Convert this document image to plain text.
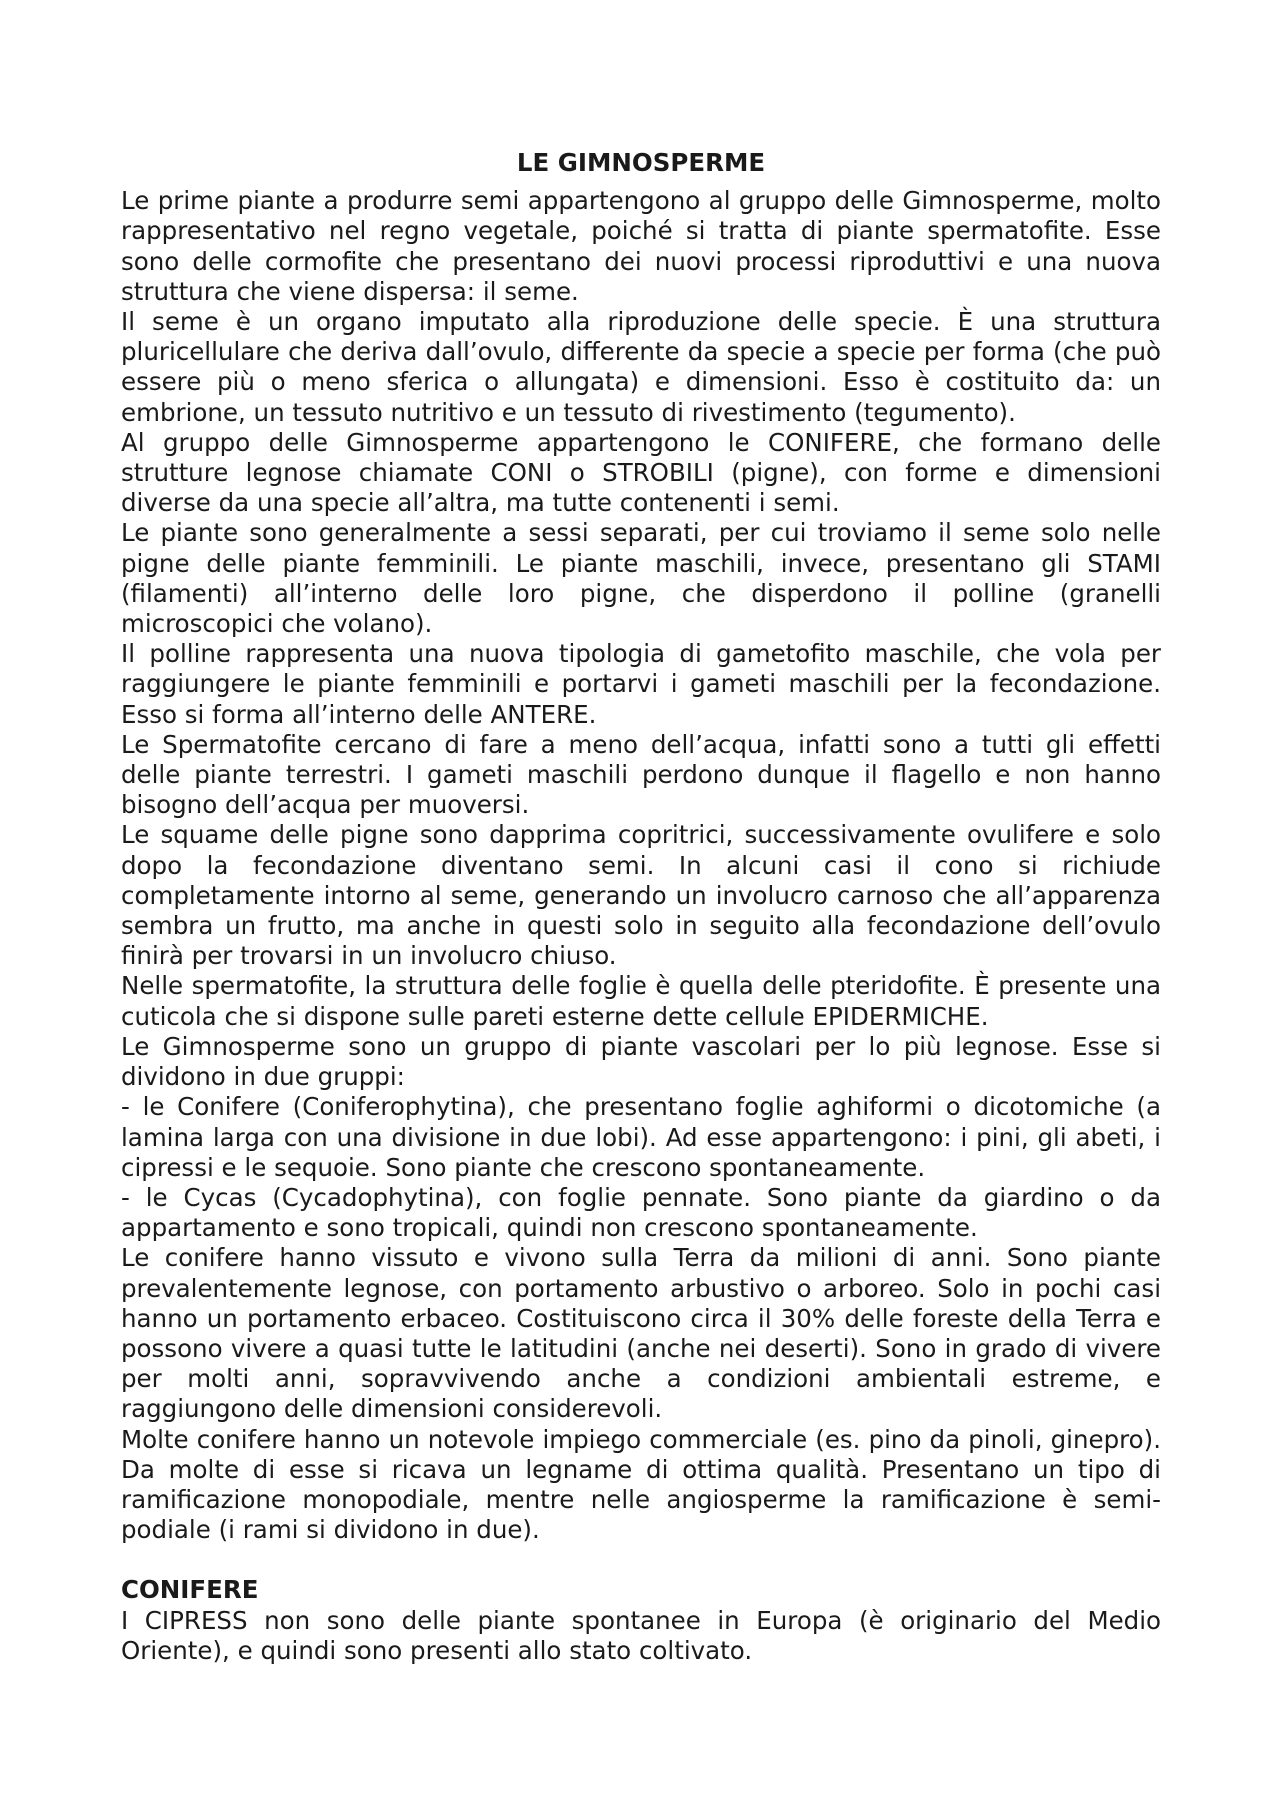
LE GIMNOSPERME

Le prime piante a produrre semi appartengono al gruppo delle Gimnosperme, molto rappresentativo nel regno vegetale, poiché si tratta di piante spermatofite. Esse sono delle cormofite che presentano dei nuovi processi riproduttivi e una nuova struttura che viene dispersa: il seme.

Il seme è un organo imputato alla riproduzione delle specie. È una struttura pluricellulare che deriva dall’ovulo, differente da specie a specie per forma (che può essere più o meno sferica o allungata) e dimensioni. Esso è costituito da: un embrione, un tessuto nutritivo e un tessuto di rivestimento (tegumento).

Al gruppo delle Gimnosperme appartengono le CONIFERE, che formano delle strutture legnose chiamate CONI o STROBILI (pigne), con forme e dimensioni diverse da una specie all’altra, ma tutte contenenti i semi.

Le piante sono generalmente a sessi separati, per cui troviamo il seme solo nelle pigne delle piante femminili. Le piante maschili, invece, presentano gli STAMI (filamenti) all’interno delle loro pigne, che disperdono il polline (granelli microscopici che volano).

Il polline rappresenta una nuova tipologia di gametofito maschile, che vola per raggiungere le piante femminili e portarvi i gameti maschili per la fecondazione. Esso si forma all’interno delle ANTERE.

Le Spermatofite cercano di fare a meno dell’acqua, infatti sono a tutti gli effetti delle piante terrestri. I gameti maschili perdono dunque il flagello e non hanno bisogno dell’acqua per muoversi.

Le squame delle pigne sono dapprima copritrici, successivamente ovulifere e solo dopo la fecondazione diventano semi. In alcuni casi il cono si richiude completamente intorno al seme, generando un involucro carnoso che all’apparenza sembra un frutto, ma anche in questi solo in seguito alla fecondazione dell’ovulo finirà per trovarsi in un involucro chiuso.

Nelle spermatofite, la struttura delle foglie è quella delle pteridofite. È presente una cuticola che si dispone sulle pareti esterne dette cellule EPIDERMICHE.

Le Gimnosperme sono un gruppo di piante vascolari per lo più legnose. Esse si dividono in due gruppi:

- le Conifere (Coniferophytina), che presentano foglie aghiformi o dicotomiche (a lamina larga con una divisione in due lobi). Ad esse appartengono: i pini, gli abeti, i cipressi e le sequoie. Sono piante che crescono spontaneamente.

- le Cycas (Cycadophytina), con foglie pennate. Sono piante da giardino o da appartamento e sono tropicali, quindi non crescono spontaneamente.

Le conifere hanno vissuto e vivono sulla Terra da milioni di anni. Sono piante prevalentemente legnose, con portamento arbustivo o arboreo. Solo in pochi casi hanno un portamento erbaceo. Costituiscono circa il 30% delle foreste della Terra e possono vivere a quasi tutte le latitudini (anche nei deserti). Sono in grado di vivere per molti anni, sopravvivendo anche a condizioni ambientali estreme, e raggiungono delle dimensioni considerevoli.

Molte conifere hanno un notevole impiego commerciale (es. pino da pinoli, ginepro). Da molte di esse si ricava un legname di ottima qualità. Presentano un tipo di ramificazione monopodiale, mentre nelle angiosperme la ramificazione è semi-podiale (i rami si dividono in due).

CONIFERE

I CIPRESS non sono delle piante spontanee in Europa (è originario del Medio Oriente), e quindi sono presenti allo stato coltivato.
